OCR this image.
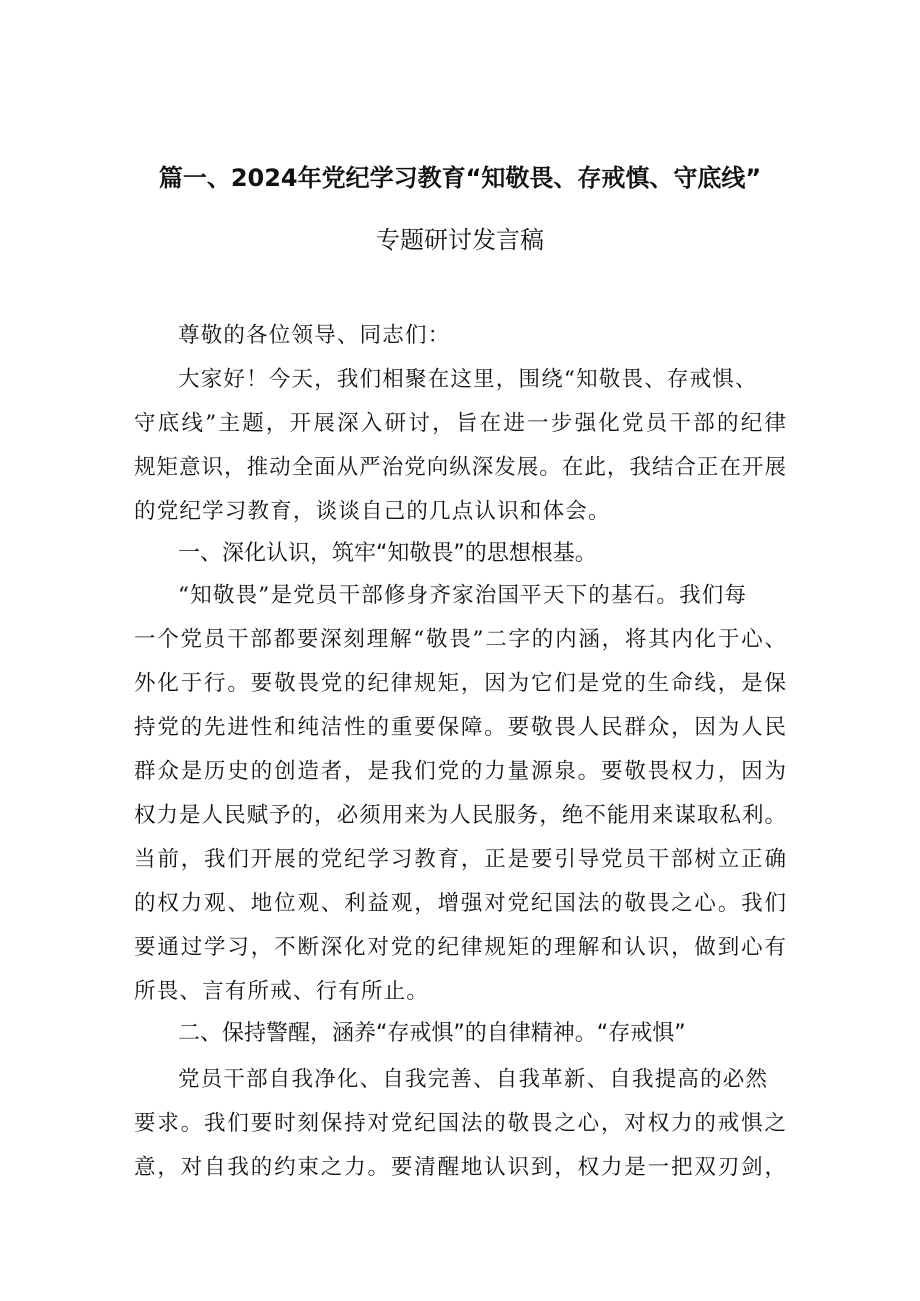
篇一、2024年党纪学习教育“知敬畏、存戒慎、守底线”
专题研讨发言稿
尊敬的各位领导、同志们：
大家好！今天，我们相聚在这里，围绕“知敬畏、存戒惧、
守底线”主题，开展深入研讨，旨在进一步强化党员干部的纪律
规矩意识，推动全面从严治党向纵深发展。在此，我结合正在开展
的党纪学习教育，谈谈自己的几点认识和体会。
一、深化认识，筑牢“知敬畏”的思想根基。
“知敬畏”是党员干部修身齐家治国平天下的基石。我们每
一个党员干部都要深刻理解“敬畏”二字的内涵，将其内化于心、
外化于行。要敬畏党的纪律规矩，因为它们是党的生命线，是保
持党的先进性和纯洁性的重要保障。要敬畏人民群众，因为人民
群众是历史的创造者，是我们党的力量源泉。要敬畏权力，因为
权力是人民赋予的，必须用来为人民服务，绝不能用来谋取私利。
当前，我们开展的党纪学习教育，正是要引导党员干部树立正确
的权力观、地位观、利益观，增强对党纪国法的敬畏之心。我们
要通过学习，不断深化对党的纪律规矩的理解和认识，做到心有
所畏、言有所戒、行有所止。
二、保持警醒，涵养“存戒惧”的自律精神。“存戒惧”
党员干部自我净化、自我完善、自我革新、自我提高的必然
要求。我们要时刻保持对党纪国法的敬畏之心，对权力的戒惧之
意，对自我的约束之力。要清醒地认识到，权力是一把双刃剑，
